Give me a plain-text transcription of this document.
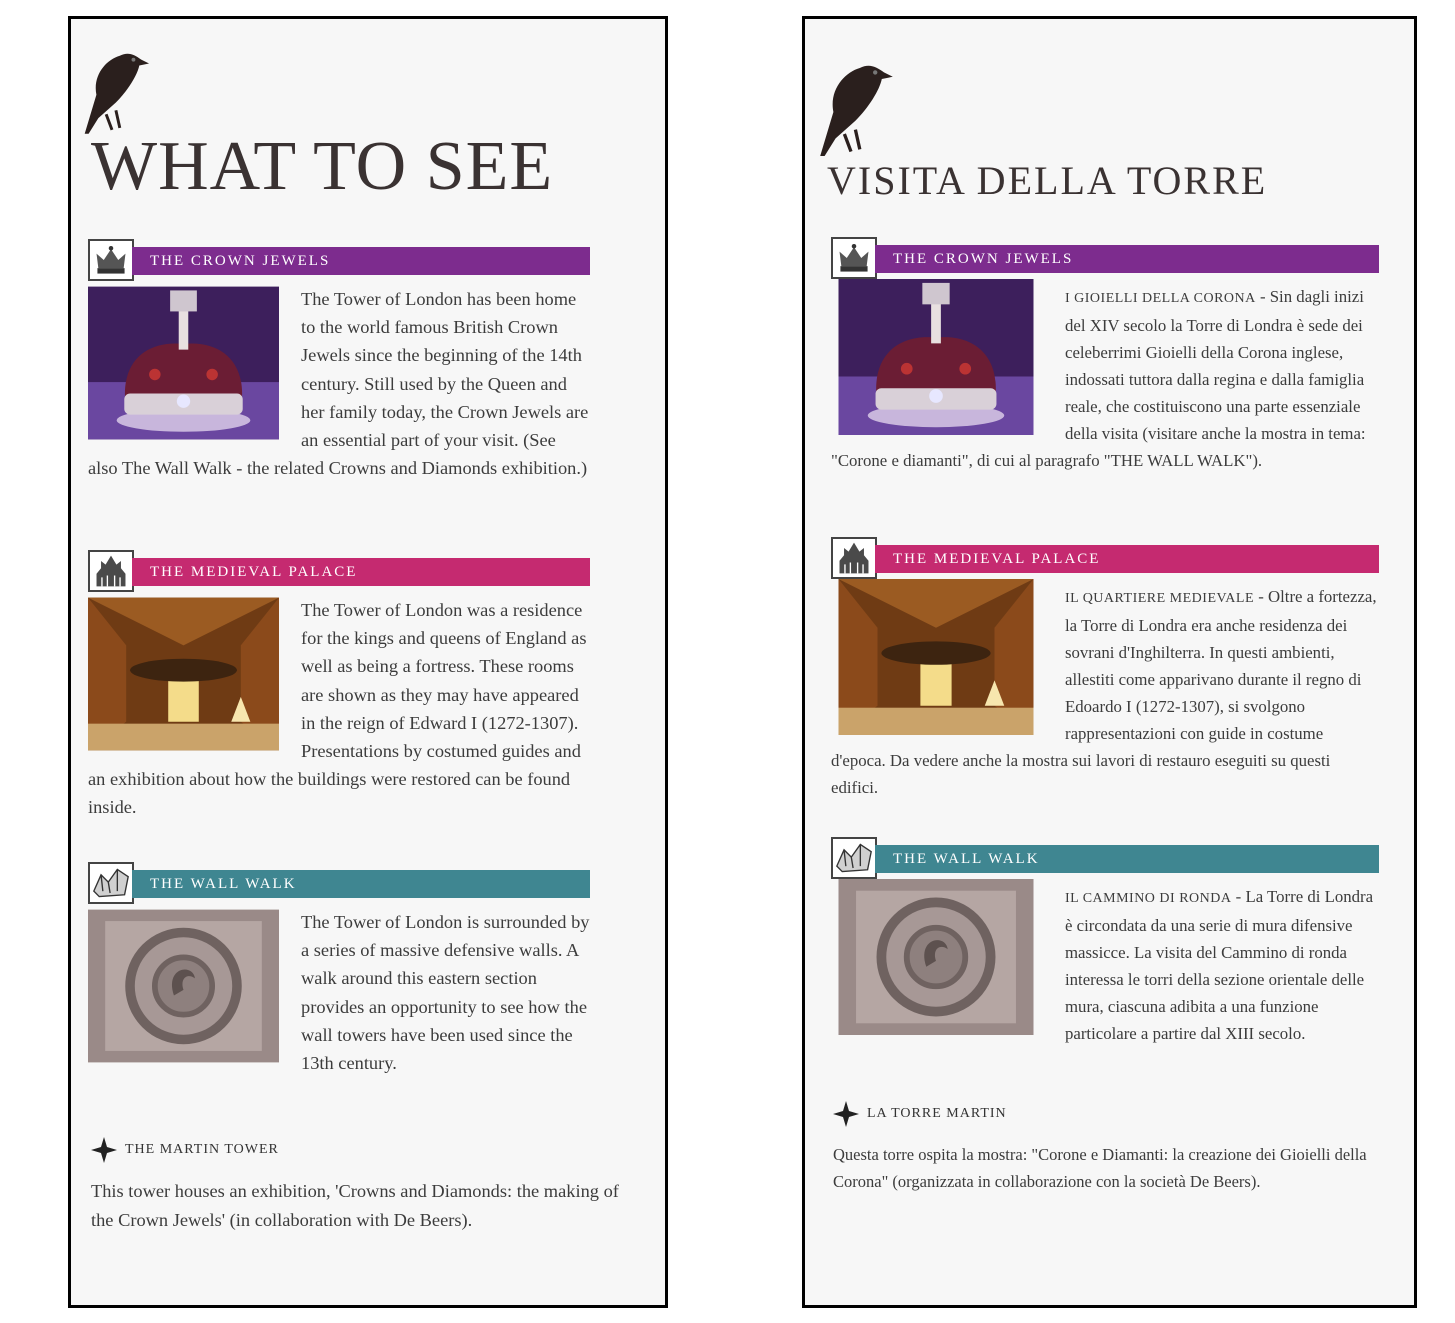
WHAT TO SEE
THE CROWN JEWELS
The Tower of London has been home to the world famous British Crown Jewels since the beginning of the 14th century. Still used by the Queen and her family today, the Crown Jewels are an essential part of your visit. (See also The Wall Walk - the related Crowns and Diamonds exhibition.)
THE MEDIEVAL PALACE
The Tower of London was a residence for the kings and queens of England as well as being a fortress. These rooms are shown as they may have appeared in the reign of Edward I (1272-1307). Presentations by costumed guides and an exhibition about how the buildings were restored can be found inside.
THE WALL WALK
The Tower of London is surrounded by a series of massive defensive walls. A walk around this eastern section provides an opportunity to see how the wall towers have been used since the 13th century.
THE MARTIN TOWER
This tower houses an exhibition, 'Crowns and Diamonds: the making of the Crown Jewels' (in collaboration with De Beers).
VISITA DELLA TORRE
THE CROWN JEWELS
I GIOIELLI DELLA CORONA - Sin dagli inizi del XIV secolo la Torre di Londra è sede dei celeberrimi Gioielli della Corona inglese, indossati tuttora dalla regina e dalla famiglia reale, che costituiscono una parte essenziale della visita (visitare anche la mostra in tema: "Corone e diamanti", di cui al paragrafo "THE WALL WALK").
THE MEDIEVAL PALACE
IL QUARTIERE MEDIEVALE - Oltre a fortezza, la Torre di Londra era anche residenza dei sovrani d'Inghilterra. In questi ambienti, allestiti come apparivano durante il regno di Edoardo I (1272-1307), si svolgono rappresentazioni con guide in costume d'epoca. Da vedere anche la mostra sui lavori di restauro eseguiti su questi edifici.
THE WALL WALK
IL CAMMINO DI RONDA - La Torre di Londra è circondata da una serie di mura difensive massicce. La visita del Cammino di ronda interessa le torri della sezione orientale delle mura, ciascuna adibita a una funzione particolare a partire dal XIII secolo.
LA TORRE MARTIN
Questa torre ospita la mostra: "Corone e Diamanti: la creazione dei Gioielli della Corona" (organizzata in collaborazione con la società De Beers).
